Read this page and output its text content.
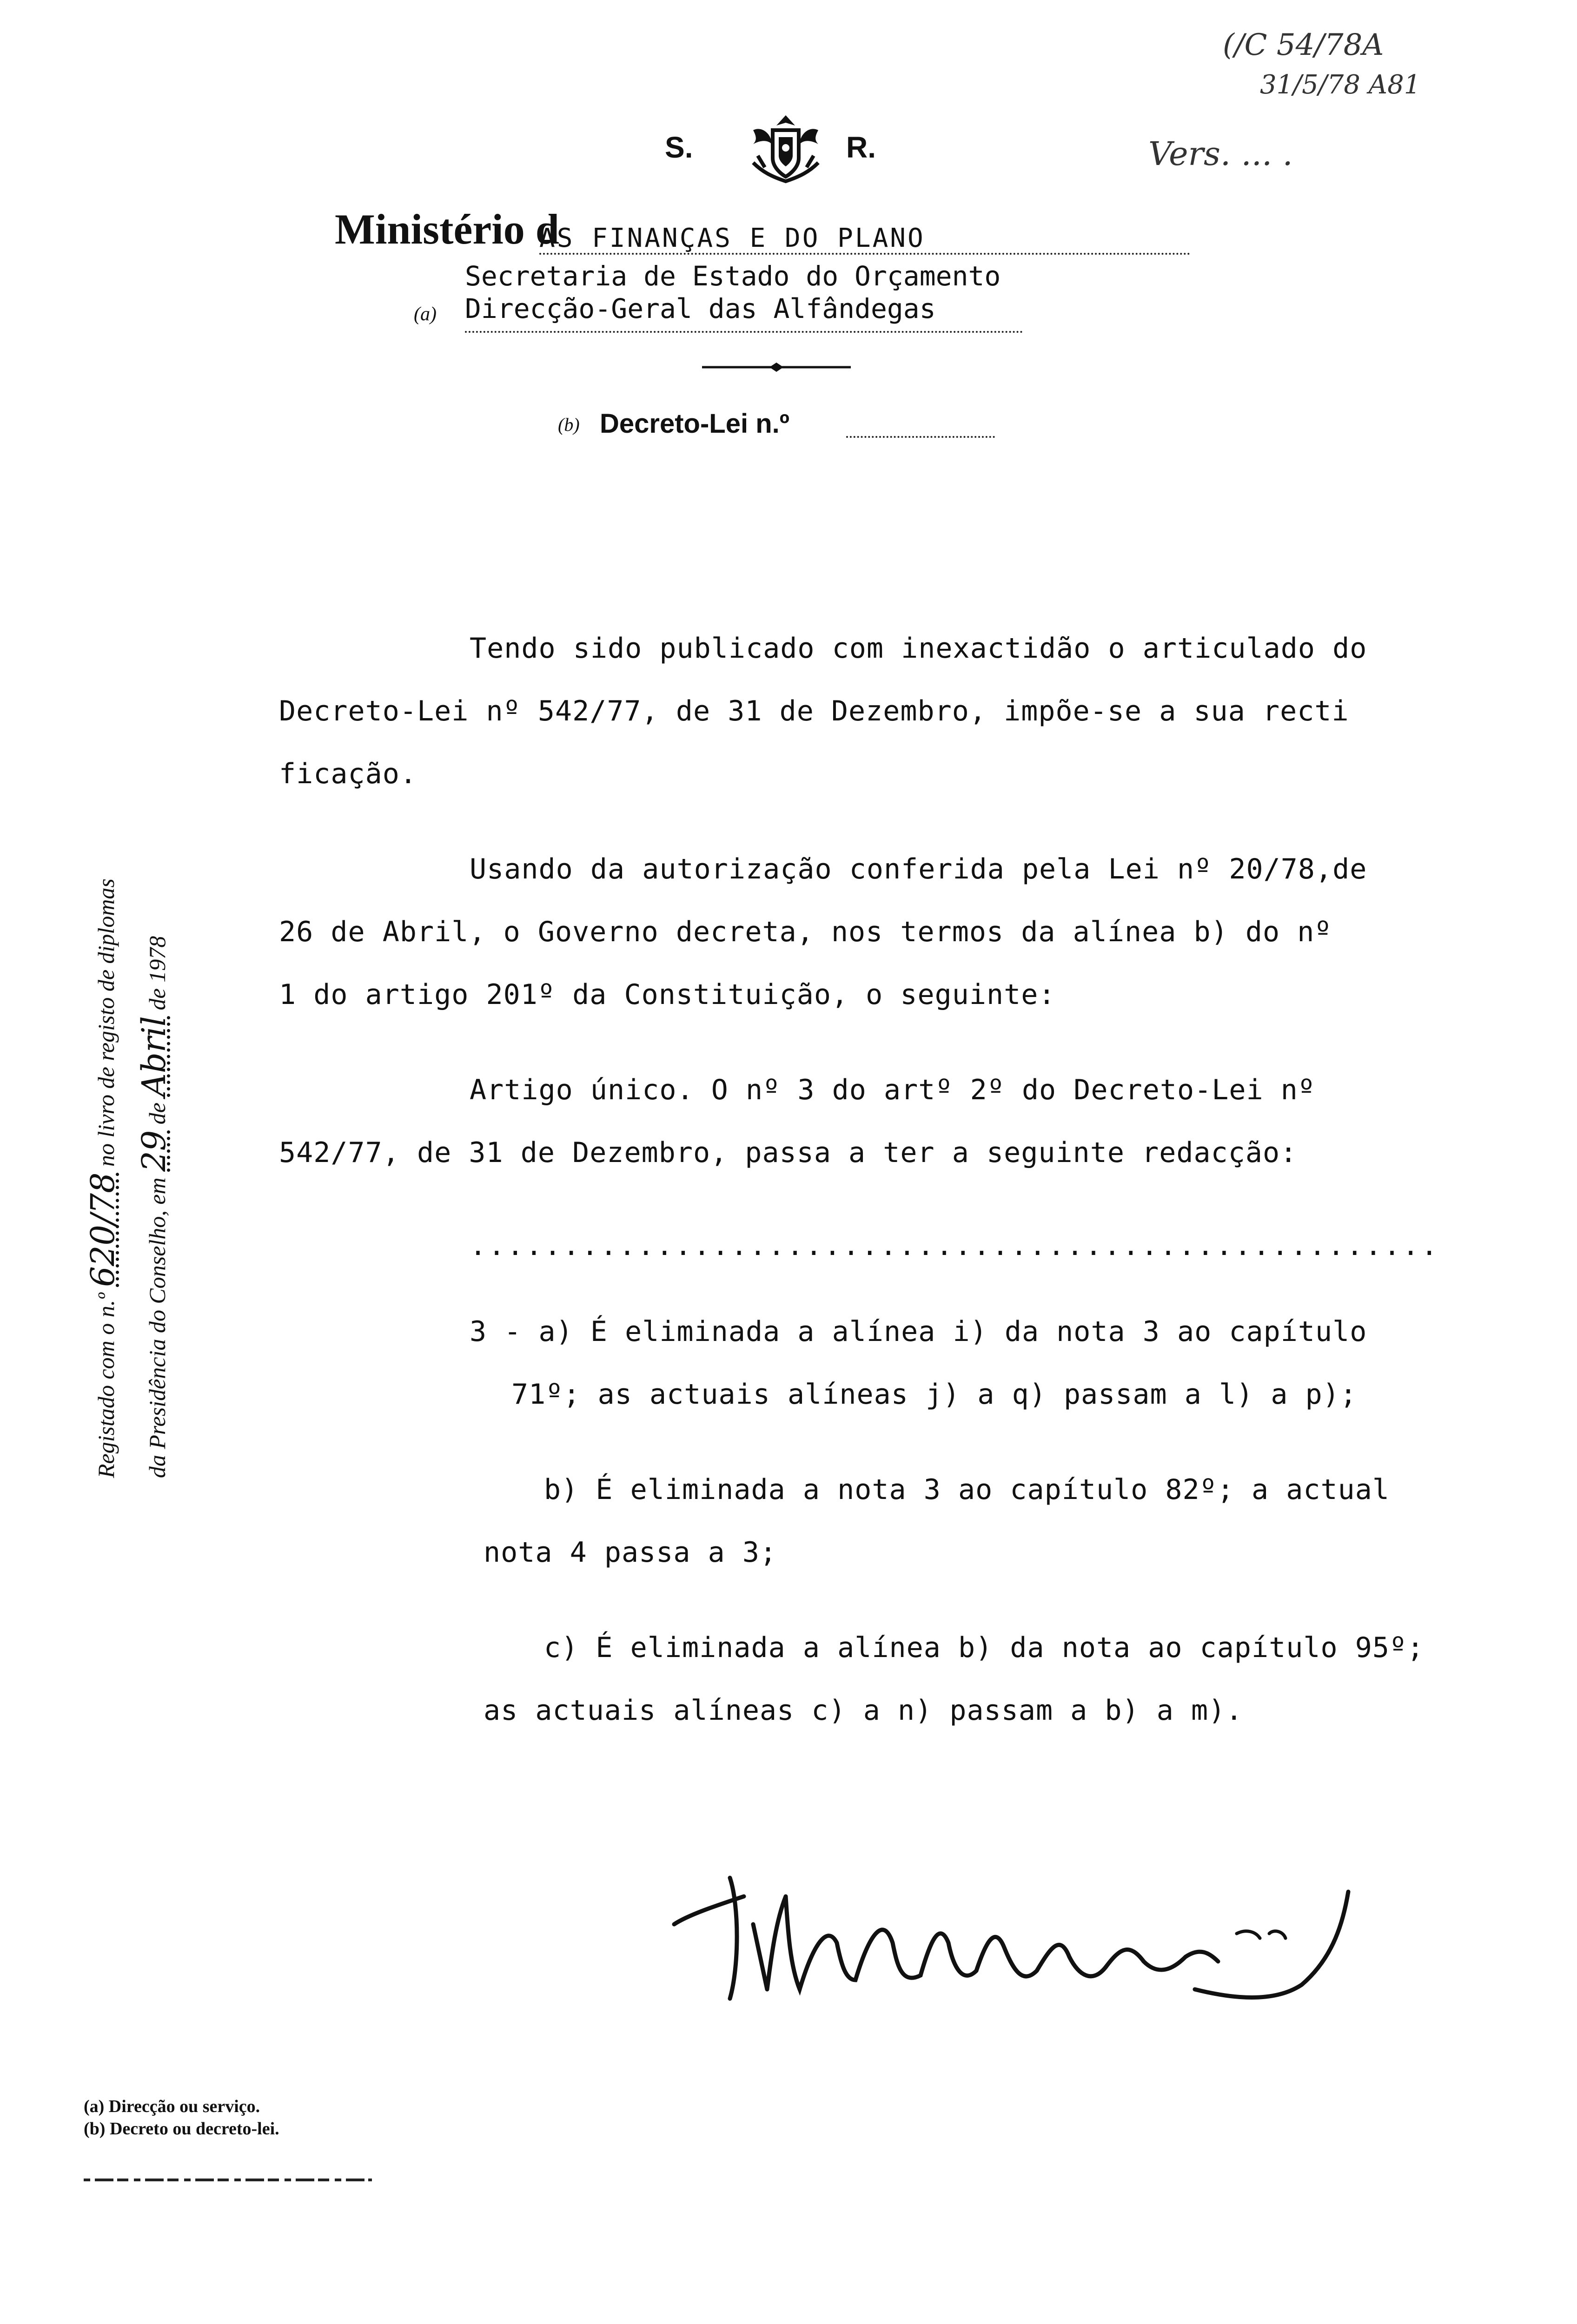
S.	R.
Ministério d
AS FINANÇAS E DO PLANO
Secretaria de Estado do Orçamento
(a) Direcção-Geral das Alfândegas
(b) Decreto-Lei n.º
(/C 54/78A
31/5/78 A81
Vers. ... .
Registado com o n.º 620/78 no livro de registo de diplomas
da Presidência do Conselho, em 29 de Abril de 1978
Tendo sido publicado com inexactidão o articulado do
Decreto-Lei nº 542/77, de 31 de Dezembro, impõe-se a sua recti
ficação.
Usando da autorização conferida pela Lei nº 20/78,de
26 de Abril, o Governo decreta, nos termos da alínea b) do nº
1 do artigo 201º da Constituição, o seguinte:
Artigo único. O nº 3 do artº 2º do Decreto-Lei nº
542/77, de 31 de Dezembro, passa a ter a seguinte redacção:
....................................................
3 - a) É eliminada a alínea i) da nota 3 ao capítulo
71º; as actuais alíneas j) a q) passam a l) a p);
b) É eliminada a nota 3 ao capítulo 82º; a actual
nota 4 passa a 3;
c) É eliminada a alínea b) da nota ao capítulo 95º;
as actuais alíneas c) a n) passam a b) a m).
(a) Direcção ou serviço.
(b) Decreto ou decreto-lei.
